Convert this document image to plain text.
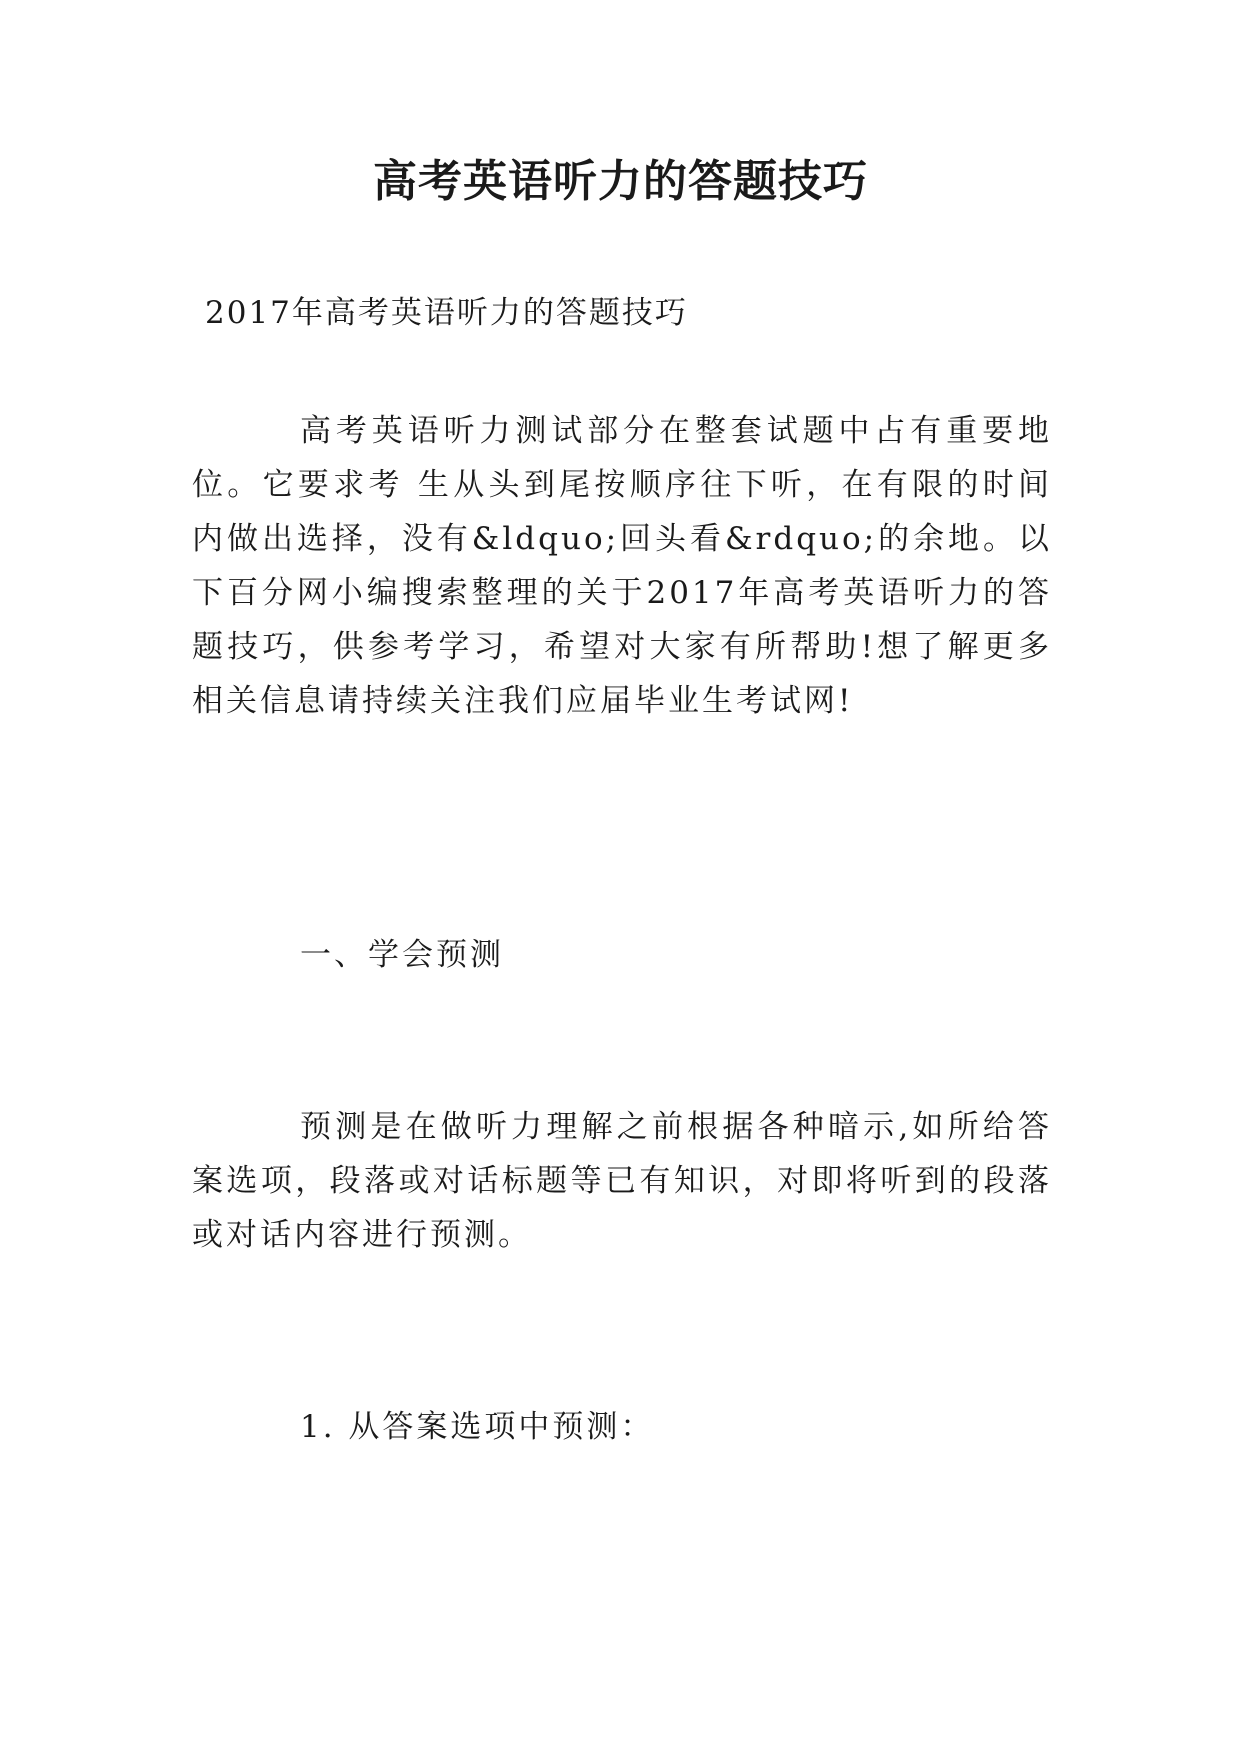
高考英语听力的答题技巧

2017年高考英语听力的答题技巧

高考英语听力测试部分在整套试题中占有重要地位。它要求考 生从头到尾按顺序往下听，在有限的时间内做出选择，没有&ldquo;回头看&rdquo;的余地。以下百分网小编搜索整理的关于2017年高考英语听力的答题技巧，供参考学习，希望对大家有所帮助!想了解更多相关信息请持续关注我们应届毕业生考试网!

一、学会预测

预测是在做听力理解之前根据各种暗示,如所给答案选项，段落或对话标题等已有知识，对即将听到的段落或对话内容进行预测。

1. 从答案选项中预测：
